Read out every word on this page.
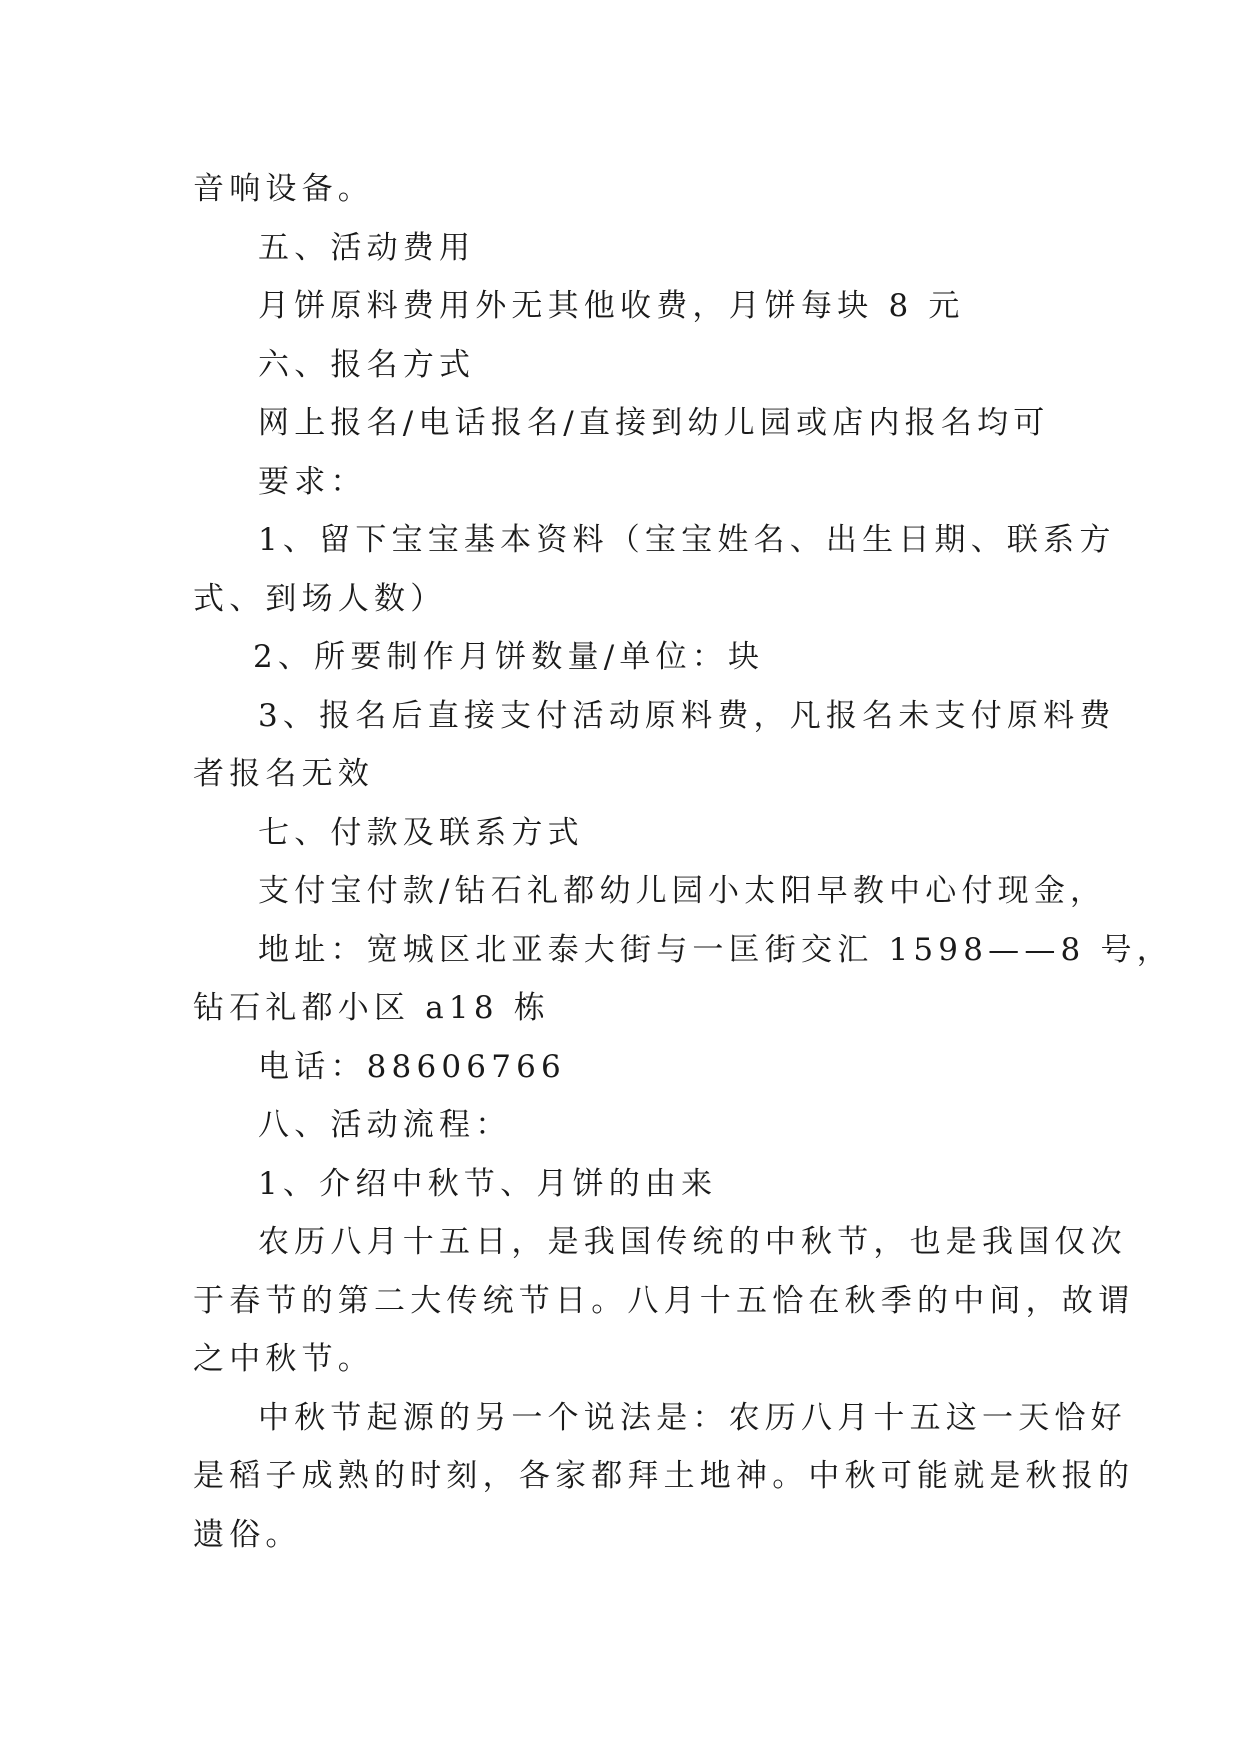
音响设备。
五、活动费用
月饼原料费用外无其他收费，月饼每块 8 元
六、报名方式
网上报名/电话报名/直接到幼儿园或店内报名均可
要求：
1、留下宝宝基本资料（宝宝姓名、出生日期、联系方
式、到场人数）
2、所要制作月饼数量/单位：块
3、报名后直接支付活动原料费，凡报名未支付原料费
者报名无效
七、付款及联系方式
支付宝付款/钻石礼都幼儿园小太阳早教中心付现金，
地址：宽城区北亚泰大街与一匡街交汇 1598——8 号，
钻石礼都小区 a18 栋
电话：88606766
八、活动流程：
1、介绍中秋节、月饼的由来
农历八月十五日，是我国传统的中秋节，也是我国仅次
于春节的第二大传统节日。八月十五恰在秋季的中间，故谓
之中秋节。
中秋节起源的另一个说法是：农历八月十五这一天恰好
是稻子成熟的时刻，各家都拜土地神。中秋可能就是秋报的
遗俗。
